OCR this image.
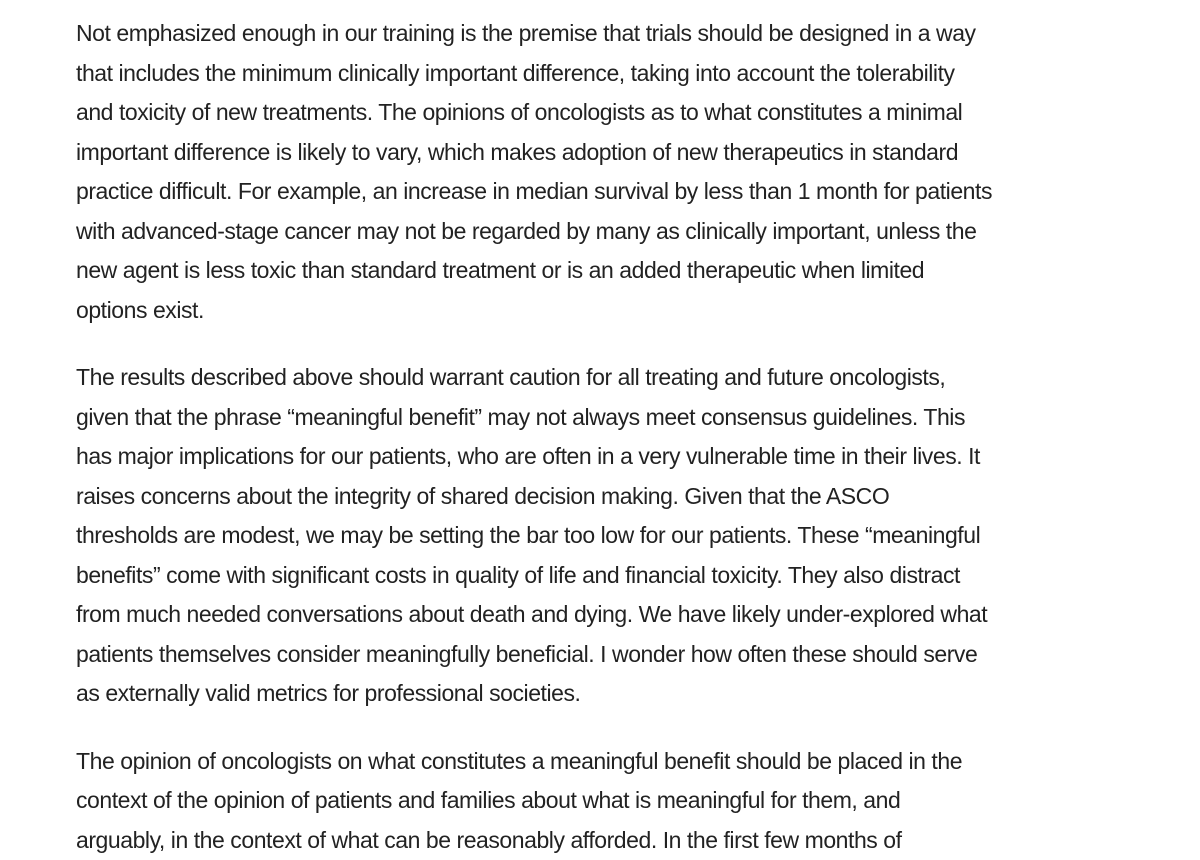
Not emphasized enough in our training is the premise that trials should be designed in a way
that includes the minimum clinically important difference, taking into account the tolerability
and toxicity of new treatments. The opinions of oncologists as to what constitutes a minimal
important difference is likely to vary, which makes adoption of new therapeutics in standard
practice difficult. For example, an increase in median survival by less than 1 month for patients
with advanced-stage cancer may not be regarded by many as clinically important, unless the
new agent is less toxic than standard treatment or is an added therapeutic when limited
options exist.

The results described above should warrant caution for all treating and future oncologists,
given that the phrase “meaningful benefit” may not always meet consensus guidelines. This
has major implications for our patients, who are often in a very vulnerable time in their lives. It
raises concerns about the integrity of shared decision making. Given that the ASCO
thresholds are modest, we may be setting the bar too low for our patients. These “meaningful
benefits” come with significant costs in quality of life and financial toxicity. They also distract
from much needed conversations about death and dying. We have likely under-explored what
patients themselves consider meaningfully beneficial. I wonder how often these should serve
as externally valid metrics for professional societies.

The opinion of oncologists on what constitutes a meaningful benefit should be placed in the
context of the opinion of patients and families about what is meaningful for them, and
arguably, in the context of what can be reasonably afforded. In the first few months of
